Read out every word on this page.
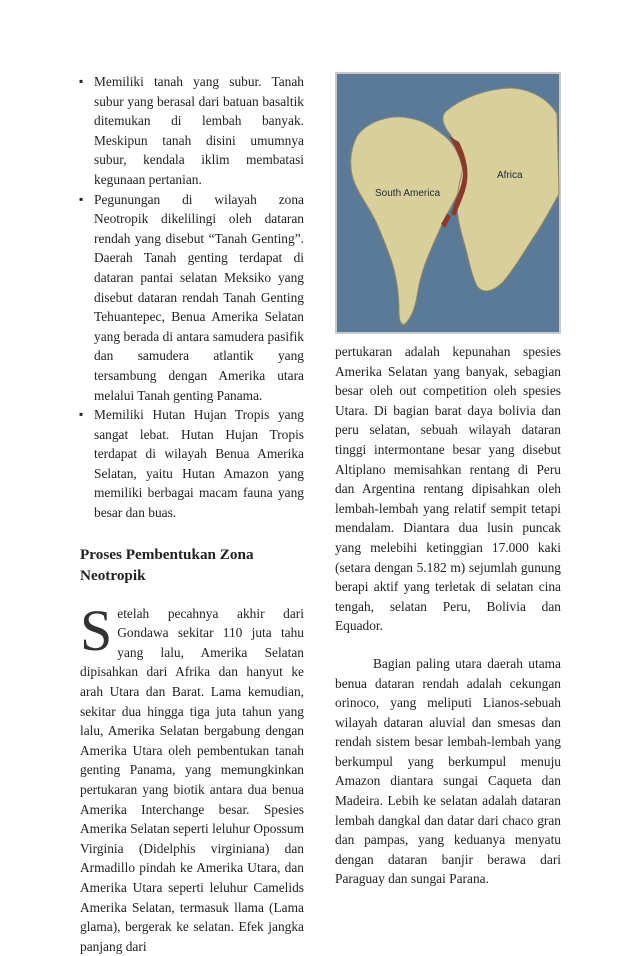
▪ Memiliki tanah yang subur. Tanah subur yang berasal dari batuan basaltik ditemukan di lembah banyak. Meskipun tanah disini umumnya subur, kendala iklim membatasi kegunaan pertanian.
▪ Pegunungan di wilayah zona Neotropik dikelilingi oleh dataran rendah yang disebut “Tanah Genting”. Daerah Tanah genting terdapat di dataran pantai selatan Meksiko yang disebut dataran rendah Tanah Genting Tehuantepec, Benua Amerika Selatan yang berada di antara samudera pasifik dan samudera atlantik yang tersambung dengan Amerika utara melalui Tanah genting Panama.
▪ Memiliki Hutan Hujan Tropis yang sangat lebat. Hutan Hujan Tropis terdapat di wilayah Benua Amerika Selatan, yaitu Hutan Amazon yang memiliki berbagai macam fauna yang besar dan buas.
Proses Pembentukan Zona Neotropik

Setelah pecahnya akhir dari Gondawa sekitar 110 juta tahu yang lalu, Amerika Selatan dipisahkan dari Afrika dan hanyut ke arah Utara dan Barat. Lama kemudian, sekitar dua hingga tiga juta tahun yang lalu, Amerika Selatan bergabung dengan Amerika Utara oleh pembentukan tanah genting Panama, yang memungkinkan pertukaran yang biotik antara dua benua Amerika Interchange besar. Spesies Amerika Selatan seperti leluhur Opossum Virginia (Didelphis virginiana) dan Armadillo pindah ke Amerika Utara, dan Amerika Utara seperti leluhur Camelids Amerika Selatan, termasuk llama (Lama glama), bergerak ke selatan. Efek jangka panjang dari

South America
Africa

pertukaran adalah kepunahan spesies Amerika Selatan yang banyak, sebagian besar oleh out competition oleh spesies Utara. Di bagian barat daya bolivia dan peru selatan, sebuah wilayah dataran tinggi intermontane besar yang disebut Altiplano memisahkan rentang di Peru dan Argentina rentang dipisahkan oleh lembah-lembah yang relatif sempit tetapi mendalam. Diantara dua lusin puncak yang melebihi ketinggian 17.000 kaki (setara dengan 5.182 m) sejumlah gunung berapi aktif yang terletak di selatan cina tengah, selatan Peru, Bolivia dan Equador.

Bagian paling utara daerah utama benua dataran rendah adalah cekungan orinoco, yang meliputi Lianos-sebuah wilayah dataran aluvial dan smesas dan rendah sistem besar lembah-lembah yang berkumpul yang berkumpul menuju Amazon diantara sungai Caqueta dan Madeira. Lebih ke selatan adalah dataran lembah dangkal dan datar dari chaco gran dan pampas, yang keduanya menyatu dengan dataran banjir berawa dari Paraguay dan sungai Parana.
